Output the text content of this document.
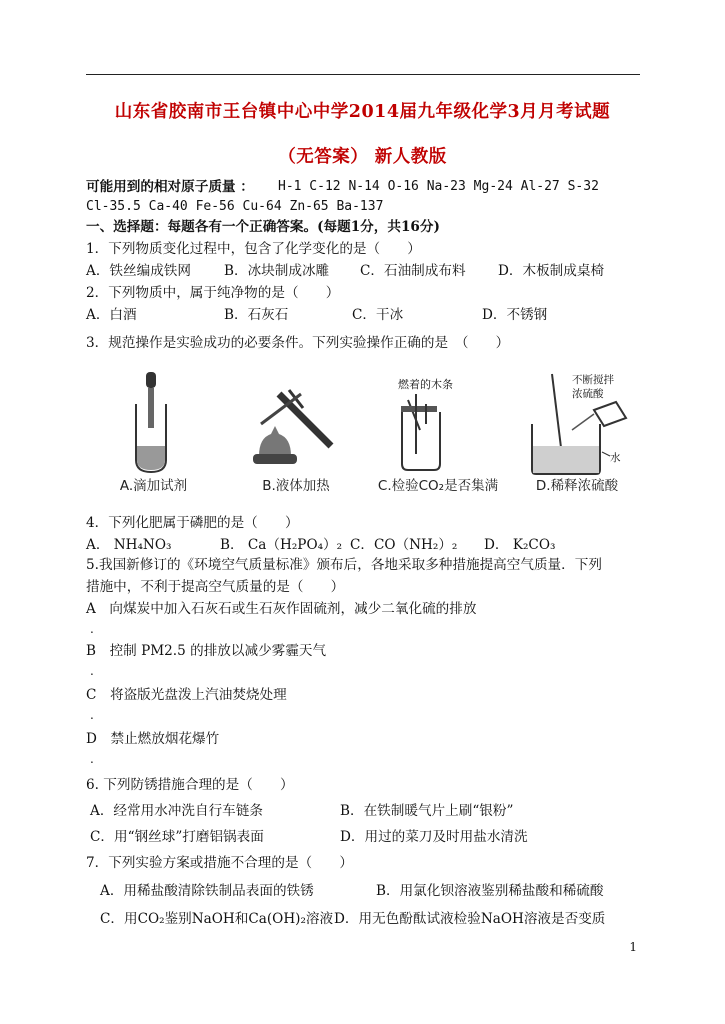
山东省胶南市王台镇中心中学2014届九年级化学3月月考试题
（无答案） 新人教版
可能用到的相对原子质量 ： H-1 C-12 N-14 O-16 Na-23 Mg-24 Al-27 S-32
Cl-35.5 Ca-40 Fe-56 Cu-64 Zn-65 Ba-137
一、选择题：每题各有一个正确答案。(每题1分，共16分)
1．下列物质变化过程中，包含了化学变化的是（　　）
A．铁丝编成铁网 B．冰块制成冰雕 C．石油制成布料 D．木板制成桌椅
2．下列物质中，属于纯净物的是（　　）
A．白酒	B．石灰石	C．干冰	D．不锈钢
3．规范操作是实验成功的必要条件。下列实验操作正确的是　（　　）
A.滴加试剂	B.液体加热
燃着的木条
C.检验CO₂是否集满
不断搅拌
浓硫酸
水
D.稀释浓硫酸
4．下列化肥属于磷肥的是（　　）
A． NH₄NO₃	B． Ca（H₂PO₄）₂ C．CO（NH₂）₂ D． K₂CO₃
5.我国新修订的《环境空气质量标准》颁布后，各地采取多种措施提高空气质量．下列
措施中，不利于提高空气质量的是（　　）
A　向煤炭中加入石灰石或生石灰作固硫剂，减少二氧化硫的排放
.
B　控制 PM2.5 的排放以减少雾霾天气
.
C　将盗版光盘泼上汽油焚烧处理
.
D　禁止燃放烟花爆竹
.
6. 下列防锈措施合理的是（　　）
A．经常用水冲洗自行车链条	B．在铁制暖气片上刷“银粉”
C．用“钢丝球”打磨铝锅表面	D．用过的菜刀及时用盐水清洗
7．下列实验方案或措施不合理的是（　　）
A．用稀盐酸清除铁制品表面的铁锈	B．用氯化钡溶液鉴别稀盐酸和稀硫酸
C．用CO₂鉴别NaOH和Ca(OH)₂溶液 D．用无色酚酞试液检验NaOH溶液是否变质
1
